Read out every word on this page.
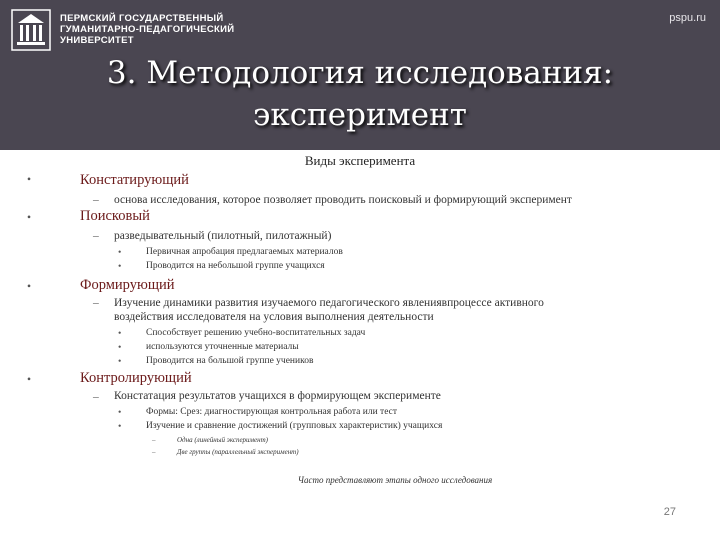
ПЕРМСКИЙ ГОСУДАРСТВЕННЫЙ
ГУМАНИТАРНО-ПЕДАГОГИЧЕСКИЙ
УНИВЕРСИТЕТ
pspu.ru
3. Методология исследования:
эксперимент
Виды эксперимента
•	Констатирующий
– основа исследования, которое позволяет проводить поисковый и формирующий эксперимент
•	Поисковый
– разведывательный (пилотный, пилотажный)
•	Первичная апробация предлагаемых материалов
•	Проводится на небольшой группе учащихся
•	Формирующий
– Изучение динамики развития изучаемого педагогического явлениявпроцессе активного
воздействия исследователя на условия выполнения деятельности
•	Способствует решению учебно-воспитательных задач
•	используются уточненные материалы
•	Проводится на большой группе учеников
•	Контролирующий
– Констатация результатов учащихся в формирующем эксперименте
•	Формы: Срез: диагностирующая контрольная работа или тест
•	Изучение и сравнение достижений (групповых характеристик) учащихся
–	Одна (линейный эксперимент)
–	Две группы (параллельный эксперимент)
Часто представляют этапы одного исследования
27
